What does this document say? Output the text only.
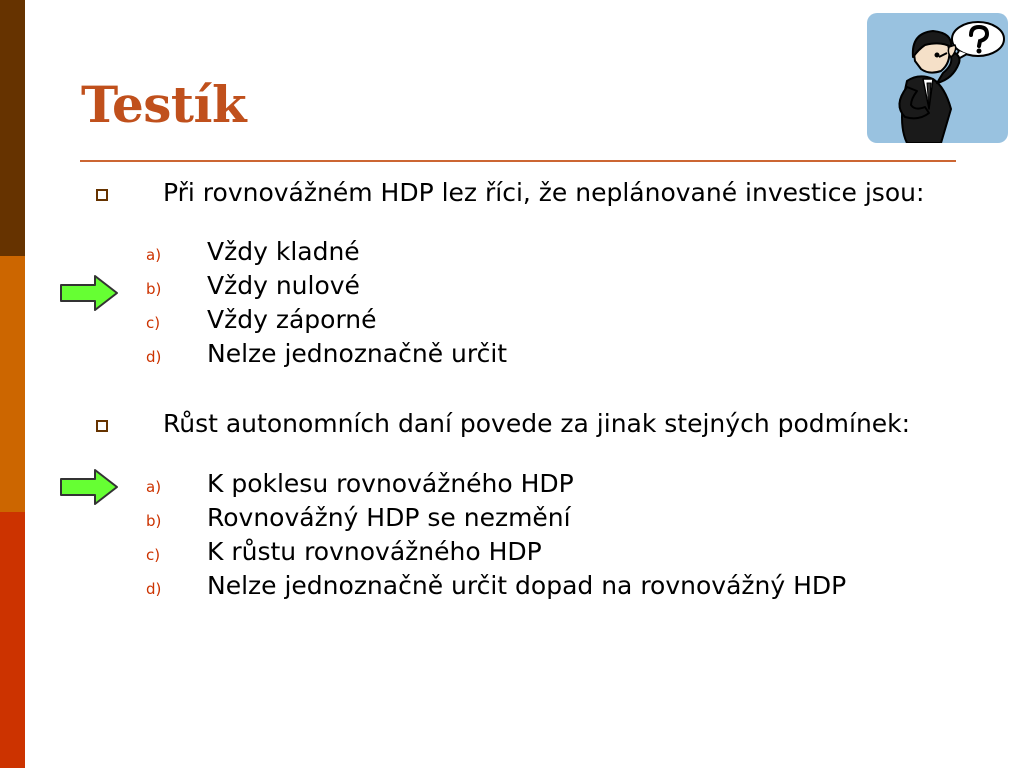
Testík
Při rovnovážném HDP lez říci, že neplánované investice jsou:
a) Vždy kladné
b) Vždy nulové
c) Vždy záporné
d) Nelze jednoznačně určit
Růst autonomních daní povede za jinak stejných podmínek:
a) K poklesu rovnovážného HDP
b) Rovnovážný HDP se nezmění
c) K růstu rovnovážného HDP
d) Nelze jednoznačně určit dopad na rovnovážný HDP
